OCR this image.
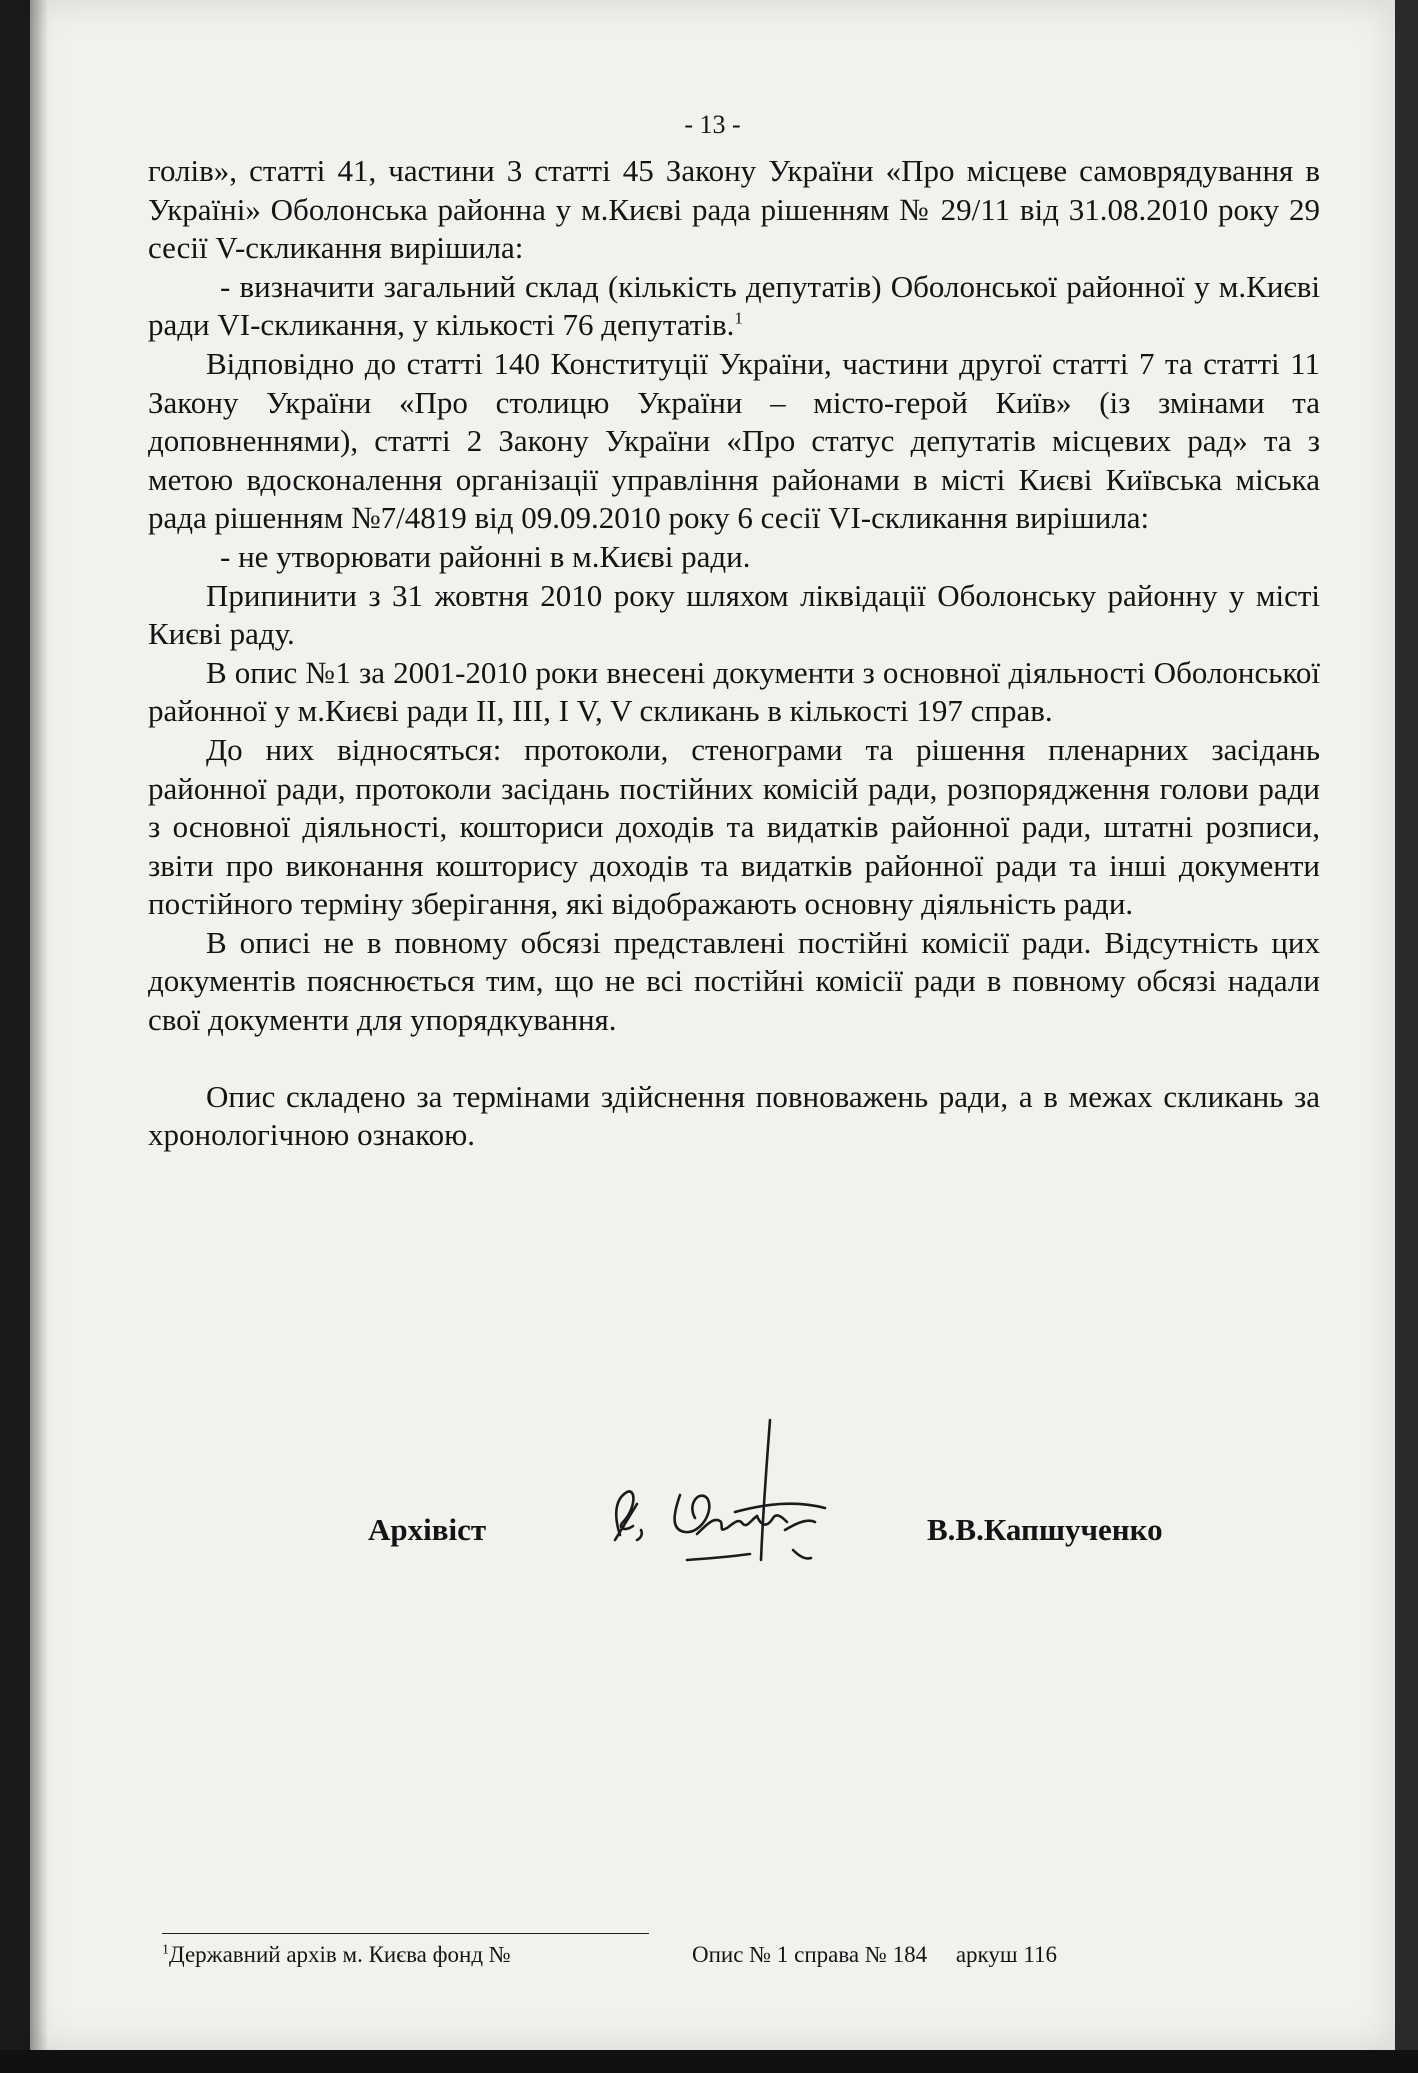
- 13 -

голів», статті 41, частини 3 статті 45 Закону України «Про місцеве самоврядування в Україні» Оболонська районна у м.Києві рада рішенням № 29/11 від 31.08.2010 року 29 сесії V-скликання вирішила:

- визначити загальний склад (кількість депутатів) Оболонської районної у м.Києві ради VI-скликання, у кількості 76 депутатів.$^1$

Відповідно до статті 140 Конституції України, частини другої статті 7 та статті 11 Закону України «Про столицю України – місто-герой Київ» (із змінами та доповненнями), статті 2 Закону України «Про статус депутатів місцевих рад» та з метою вдосконалення організації управління районами в місті Києві Київська міська рада рішенням №7/4819 від 09.09.2010 року 6 сесії VI-скликання вирішила:

- не утворювати районні в м.Києві ради.

Припинити з 31 жовтня 2010 року шляхом ліквідації Оболонську районну у місті Києві раду.

В опис №1 за 2001-2010 роки внесені документи з основної діяльності Оболонської районної у м.Києві ради ІІ, ІІІ, І V, V скликань в кількості 197 справ.

До них відносяться: протоколи, стенограми та рішення пленарних засідань районної ради, протоколи засідань постійних комісій ради, розпорядження голови ради з основної діяльності, кошториси доходів та видатків районної ради, штатні розписи, звіти про виконання кошторису доходів та видатків районної ради та інші документи постійного терміну зберігання, які відображають основну діяльність ради.

В описі не в повному обсязі представлені постійні комісії ради. Відсутність цих документів пояснюється тим, що не всі постійні комісії ради в повному обсязі надали свої документи для упорядкування.

Опис складено за термінами здійснення повноважень ради, а в межах скликань за хронологічною ознакою.

Архівіст	В.В.Капшученко
$^1$Державний архів м. Києва фонд №	Опис № 1 справа № 184     аркуш 116
